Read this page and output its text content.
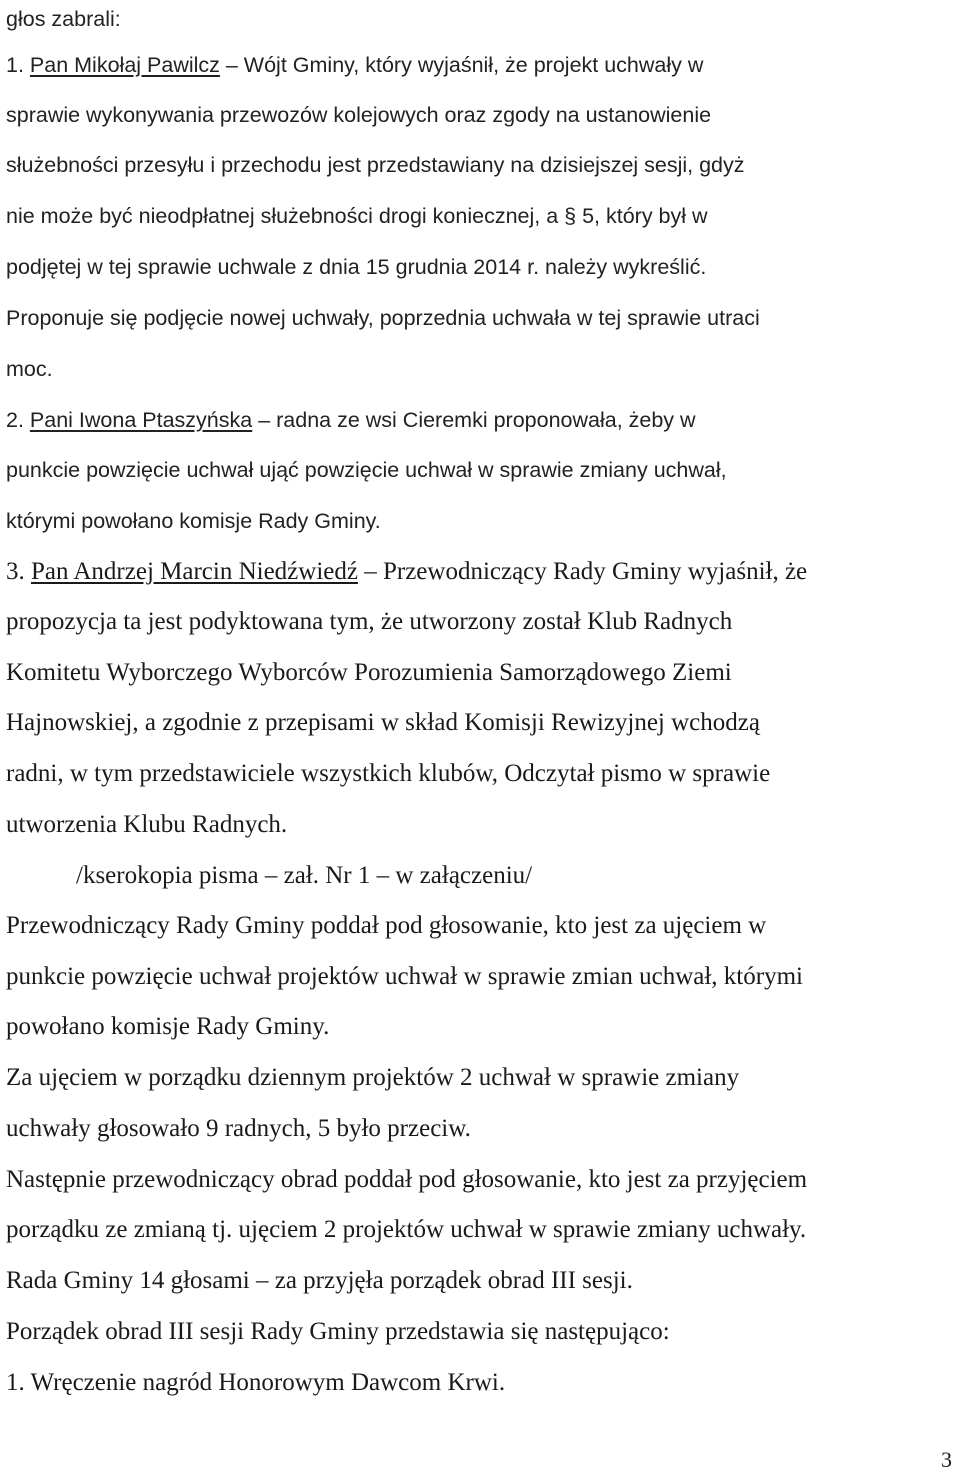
głos zabrali:
1. Pan Mikołaj Pawilcz – Wójt Gminy, który wyjaśnił, że projekt uchwały w
sprawie wykonywania przewozów kolejowych oraz zgody na ustanowienie
służebności przesyłu i przechodu jest przedstawiany na dzisiejszej sesji, gdyż
nie może być nieodpłatnej służebności drogi koniecznej, a § 5, który był w
podjętej w tej sprawie uchwale z dnia 15 grudnia 2014 r. należy wykreślić.
Proponuje się podjęcie nowej uchwały, poprzednia uchwała w tej sprawie utraci
moc.
2. Pani Iwona Ptaszyńska – radna ze wsi Cieremki proponowała, żeby w
punkcie powzięcie uchwał ująć powzięcie uchwał w sprawie zmiany uchwał,
którymi powołano komisje Rady Gminy.
3. Pan Andrzej Marcin Niedźwiedź – Przewodniczący Rady Gminy wyjaśnił, że
propozycja ta jest podyktowana tym, że utworzony został Klub Radnych
Komitetu Wyborczego Wyborców Porozumienia Samorządowego Ziemi
Hajnowskiej, a zgodnie z przepisami w skład Komisji Rewizyjnej wchodzą
radni, w tym przedstawiciele wszystkich klubów, Odczytał pismo w sprawie
utworzenia Klubu Radnych.
/kserokopia pisma – zał. Nr 1 – w załączeniu/
Przewodniczący Rady Gminy poddał pod głosowanie, kto jest za ujęciem w
punkcie powzięcie uchwał projektów uchwał w sprawie zmian uchwał, którymi
powołano komisje Rady Gminy.
Za ujęciem w porządku dziennym projektów 2 uchwał w sprawie zmiany
uchwały głosowało 9 radnych, 5 było przeciw.
Następnie przewodniczący obrad poddał pod głosowanie, kto jest za przyjęciem
porządku ze zmianą tj. ujęciem 2 projektów uchwał w sprawie zmiany uchwały.
Rada Gminy 14 głosami – za przyjęła porządek obrad III sesji.
Porządek obrad III sesji Rady Gminy przedstawia się następująco:
1. Wręczenie nagród Honorowym Dawcom Krwi.
3
